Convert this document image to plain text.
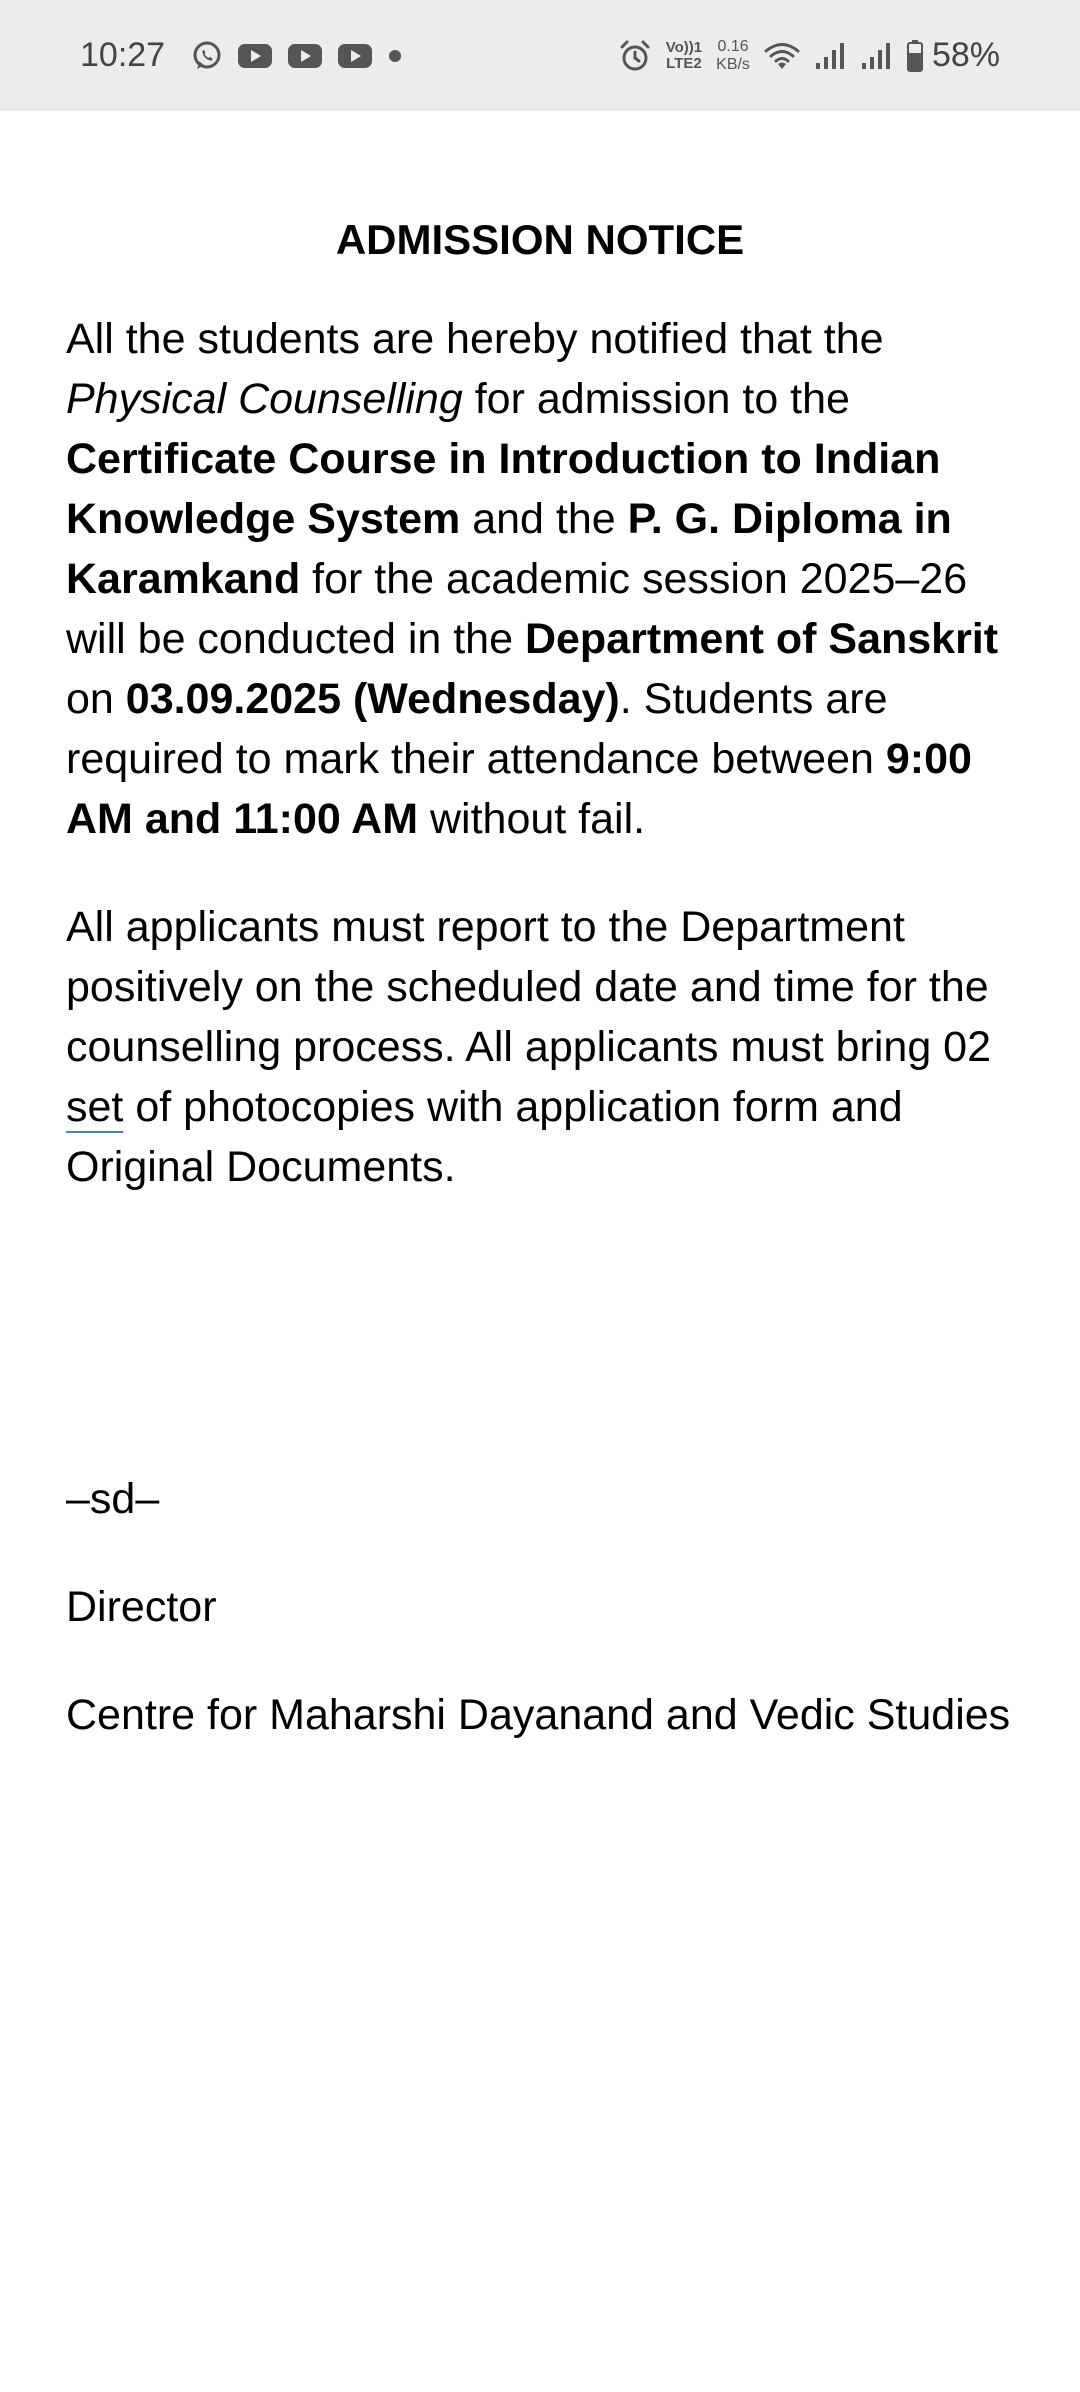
10:27	Vo))1
LTE2
0.16
KB/s	58%
ADMISSION NOTICE

All the students are hereby notified that the Physical Counselling for admission to the Certificate Course in Introduction to Indian Knowledge System and the P. G. Diploma in Karamkand for the academic session 2025–26 will be conducted in the Department of Sanskrit on 03.09.2025 (Wednesday). Students are required to mark their attendance between 9:00 AM and 11:00 AM without fail.

All applicants must report to the Department positively on the scheduled date and time for the counselling process. All applicants must bring 02 set of photocopies with application form and Original Documents.

–sd–

Director

Centre for Maharshi Dayanand and Vedic Studies
